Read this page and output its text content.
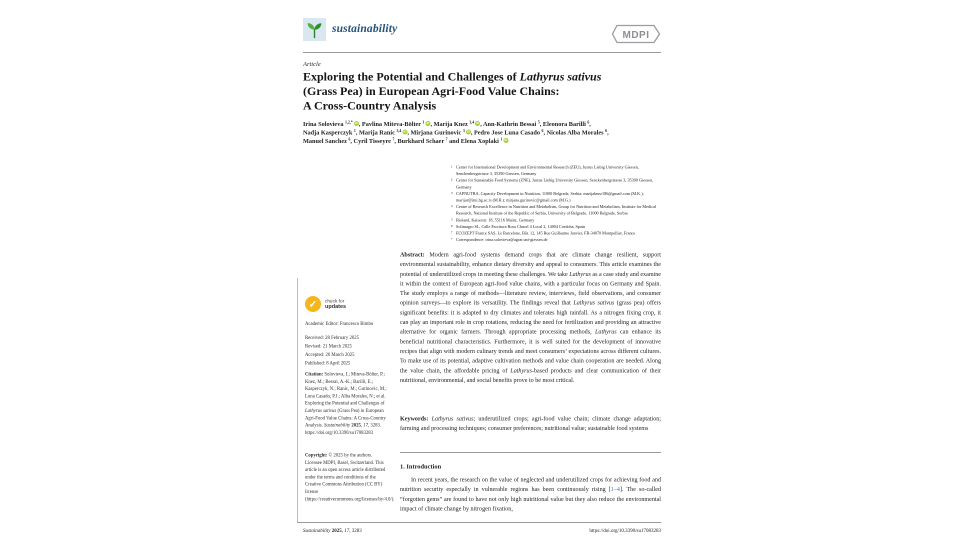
sustainability
MDPI
Article
Exploring the Potential and Challenges of Lathyrus sativus
(Grass Pea) in European Agri-Food Value Chains:
A Cross-Country Analysis
Irina Solovieva $^{1,2,*}$ iD , Pavlina Miteva-Bölter $^1$ iD , Marija Knez $^{3,4}$ iD , Ann-Kathrin Bessai $^5$, Eleonora Barilli $^6$,
Nadja Kasperczyk $^1$, Marija Ranic $^{3,4}$ iD , Mirjana Gurinovic $^3$ iD , Pedro Jose Luna Casado $^6$, Nicolas Alba Morales $^6$,
Manuel Sanchez $^6$, Cyril Tisseyre $^7$, Burkhard Schaer $^7$ and Elena Xoplaki $^1$iD
1 Center for International Development and Environmental Research (ZEU), Justus Liebig University Giessen, Senckenbergstrasse 3, 35390 Giessen, Germany
2 Center for Sustainable Food Systems (ZNE), Justus Liebig University Giessen, Senckenbergstrasse 3, 35390 Giessen, Germany
3 CAPNUTRA, Capacity Development in Nutrition, 11000 Belgrade, Serbia; marijaknez186@gmail.com (M.K.); marijar@imi.bg.ac.rs (M.R.); mirjana.gurinovic@gmail.com (M.G.)
4 Centre of Research Excellence in Nutrition and Metabolism, Group for Nutrition and Metabolism, Institute for Medical Research, National Institute of the Republic of Serbia, University of Belgrade, 11000 Belgrade, Serbia
5 Bioland, Kaiserstr. 18, 55116 Mainz, Germany
6 Solimagro SL, Calle Escritora Rosa Chacel 4 Local 2, 14004 Cordoba, Spain
7 ECOZEPT France SAS, Le Barcelone, Bât. 12, 145 Rue Guillaume Janvier, FR-34070 Montpellier, France
* Correspondence: irina.solovieva@agrar.uni-giessen.de
✓ check for
updates
Academic Editor: Francesco Bimbo
Received: 28 February 2025
Revised: 21 March 2025
Accepted: 26 March 2025
Published: 8 April 2025
Citation: Solovieva, I.; Miteva-Bölter, P.; Knez, M.; Bessai, A.-K.; Barilli, E.; Kasperczyk, N.; Ranic, M.; Gurinovic, M.; Luna Casado, P.J.; Alba Morales, N.; et al. Exploring the Potential and Challenges of Lathyrus sativus (Grass Pea) in European Agri-Food Value Chains: A Cross-Country Analysis. Sustainability 2025, 17, 3283. https://doi.org/10.3390/su17083283
Copyright: © 2025 by the authors. Licensee MDPI, Basel, Switzerland. This article is an open access article distributed under the terms and conditions of the Creative Commons Attribution (CC BY) license (https://creativecommons.org/licenses/by/4.0/).
Abstract: Modern agri-food systems demand crops that are climate change resilient, support environmental sustainability, enhance dietary diversity and appeal to consumers. This article examines the potential of underutilized crops in meeting these challenges. We take Lathyrus as a case study and examine it within the context of European agri-food value chains, with a particular focus on Germany and Spain. The study employs a range of methods—literature review, interviews, field observations, and consumer opinion surveys—to explore its versatility. The findings reveal that Lathyrus sativus (grass pea) offers significant benefits: it is adapted to dry climates and tolerates high rainfall. As a nitrogen fixing crop, it can play an important role in crop rotations, reducing the need for fertilization and providing an attractive alternative for organic farmers. Through appropriate processing methods, Lathyrus can enhance its beneficial nutritional characteristics. Furthermore, it is well suited for the development of innovative recipes that align with modern culinary trends and meet consumers’ expectations across different cultures. To make use of its potential, adaptive cultivation methods and value chain cooperation are needed. Along the value chain, the affordable pricing of Lathyrus-based products and clear communication of their nutritional, environmental, and social benefits prove to be most critical.
Keywords: Lathyrus sativus; underutilized crops; agri-food value chain; climate change adaptation; farming and processing techniques; consumer preferences; nutritional value; sustainable food systems
1. Introduction
In recent years, the research on the value of neglected and underutilized crops for achieving food and nutrition security especially in vulnerable regions has been continuously rising [1–4]. The so-called “forgotten gems” are found to have not only high nutritional value but they also reduce the environmental impact of climate change by nitrogen fixation,
Sustainability 2025, 17, 3283	https://doi.org/10.3390/su17083283
